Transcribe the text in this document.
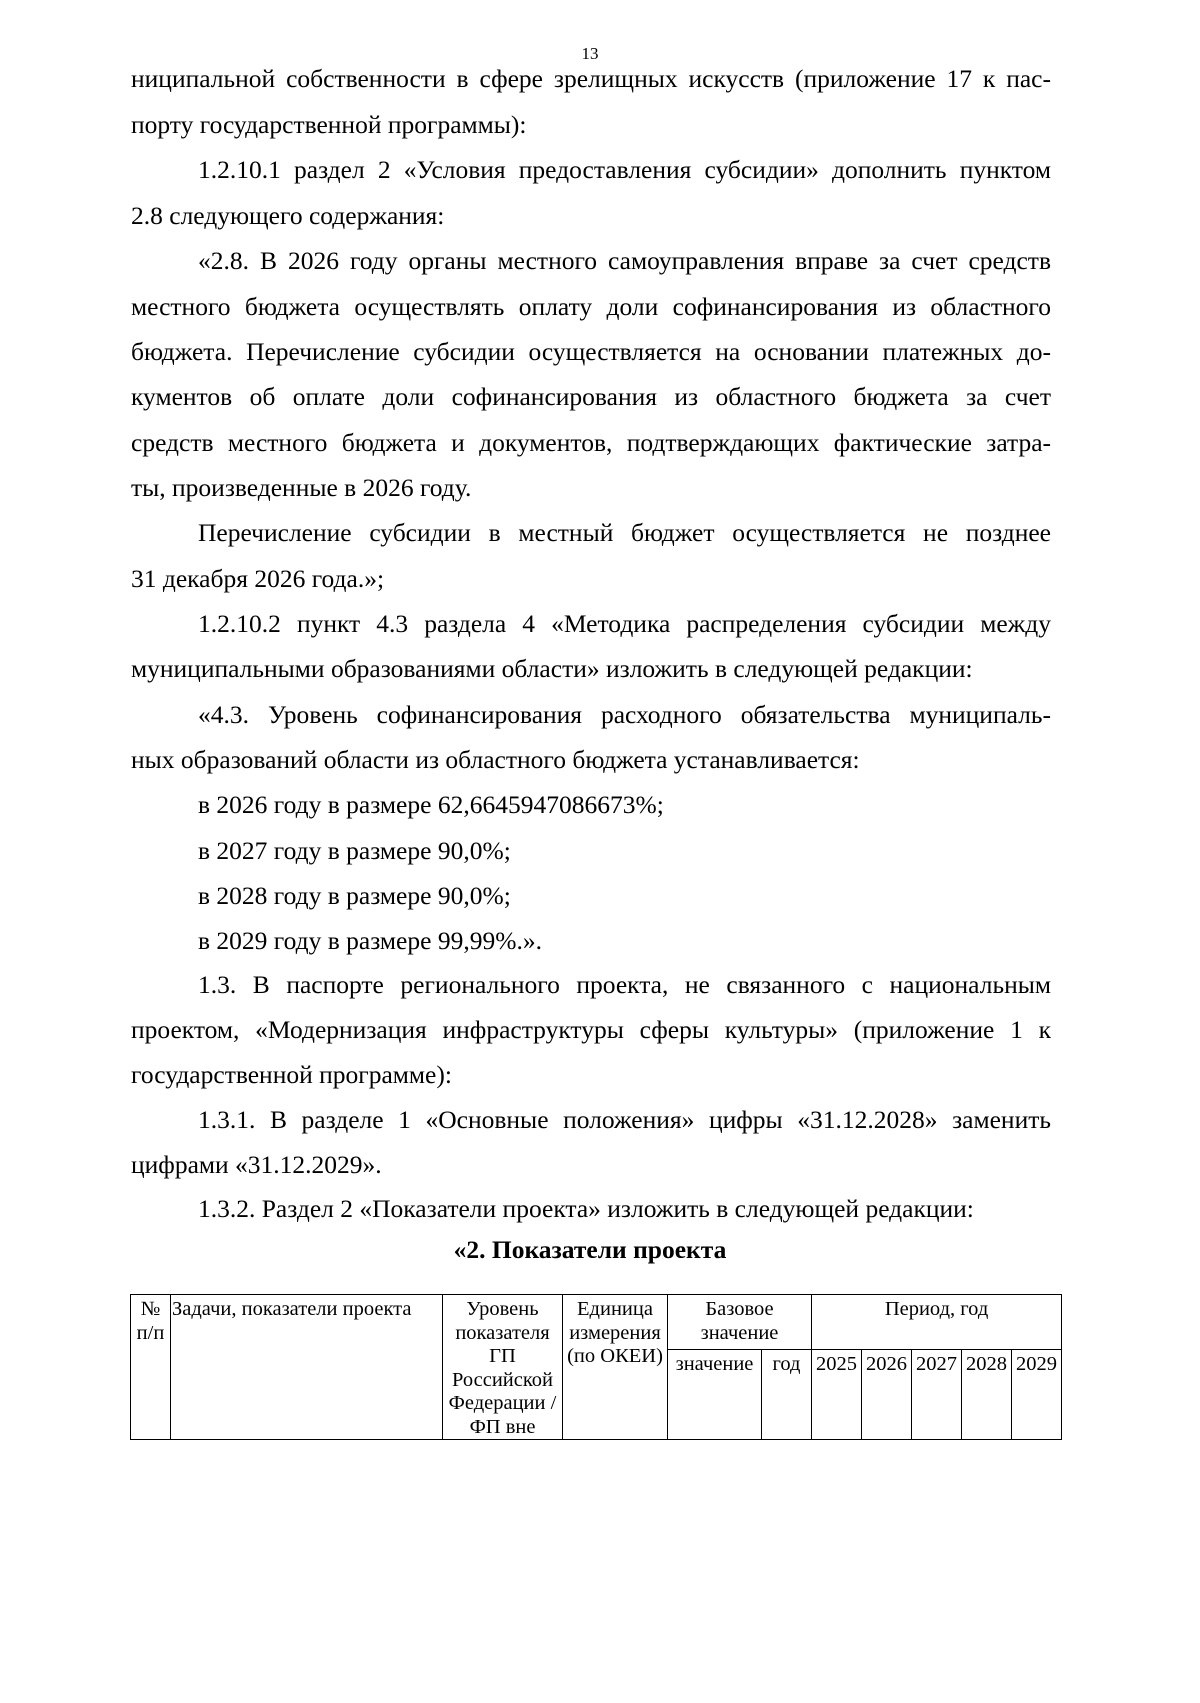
13
ниципальной собственности в сфере зрелищных искусств (приложение 17 к пас-
порту государственной программы):
1.2.10.1 раздел 2 «Условия предоставления субсидии» дополнить пунктом
2.8 следующего содержания:
«2.8. В 2026 году органы местного самоуправления вправе за счет средств
местного бюджета осуществлять оплату доли софинансирования из областного
бюджета. Перечисление субсидии осуществляется на основании платежных до-
кументов об оплате доли софинансирования из областного бюджета за счет
средств местного бюджета и документов, подтверждающих фактические затра-
ты, произведенные в 2026 году.
Перечисление субсидии в местный бюджет осуществляется не позднее
31 декабря 2026 года.»;
1.2.10.2 пункт 4.3 раздела 4 «Методика распределения субсидии между
муниципальными образованиями области» изложить в следующей редакции:
«4.3. Уровень софинансирования расходного обязательства муниципаль-
ных образований области из областного бюджета устанавливается:
в 2026 году в размере 62,6645947086673%;
в 2027 году в размере 90,0%;
в 2028 году в размере 90,0%;
в 2029 году в размере 99,99%.».
1.3. В паспорте регионального проекта, не связанного с национальным
проектом, «Модернизация инфраструктуры сферы культуры» (приложение 1 к
государственной программе):
1.3.1. В разделе 1 «Основные положения» цифры «31.12.2028» заменить
цифрами «31.12.2029».
1.3.2. Раздел 2 «Показатели проекта» изложить в следующей редакции:
«2. Показатели проекта
№ п/п	Задачи, показатели проекта	Уровень показателя ГП Российской Федерации / ФП вне	Единица измерения (по ОКЕИ)	Базовое значение		Период, год				
				значение	год	2025	2026	2027	2028	2029
